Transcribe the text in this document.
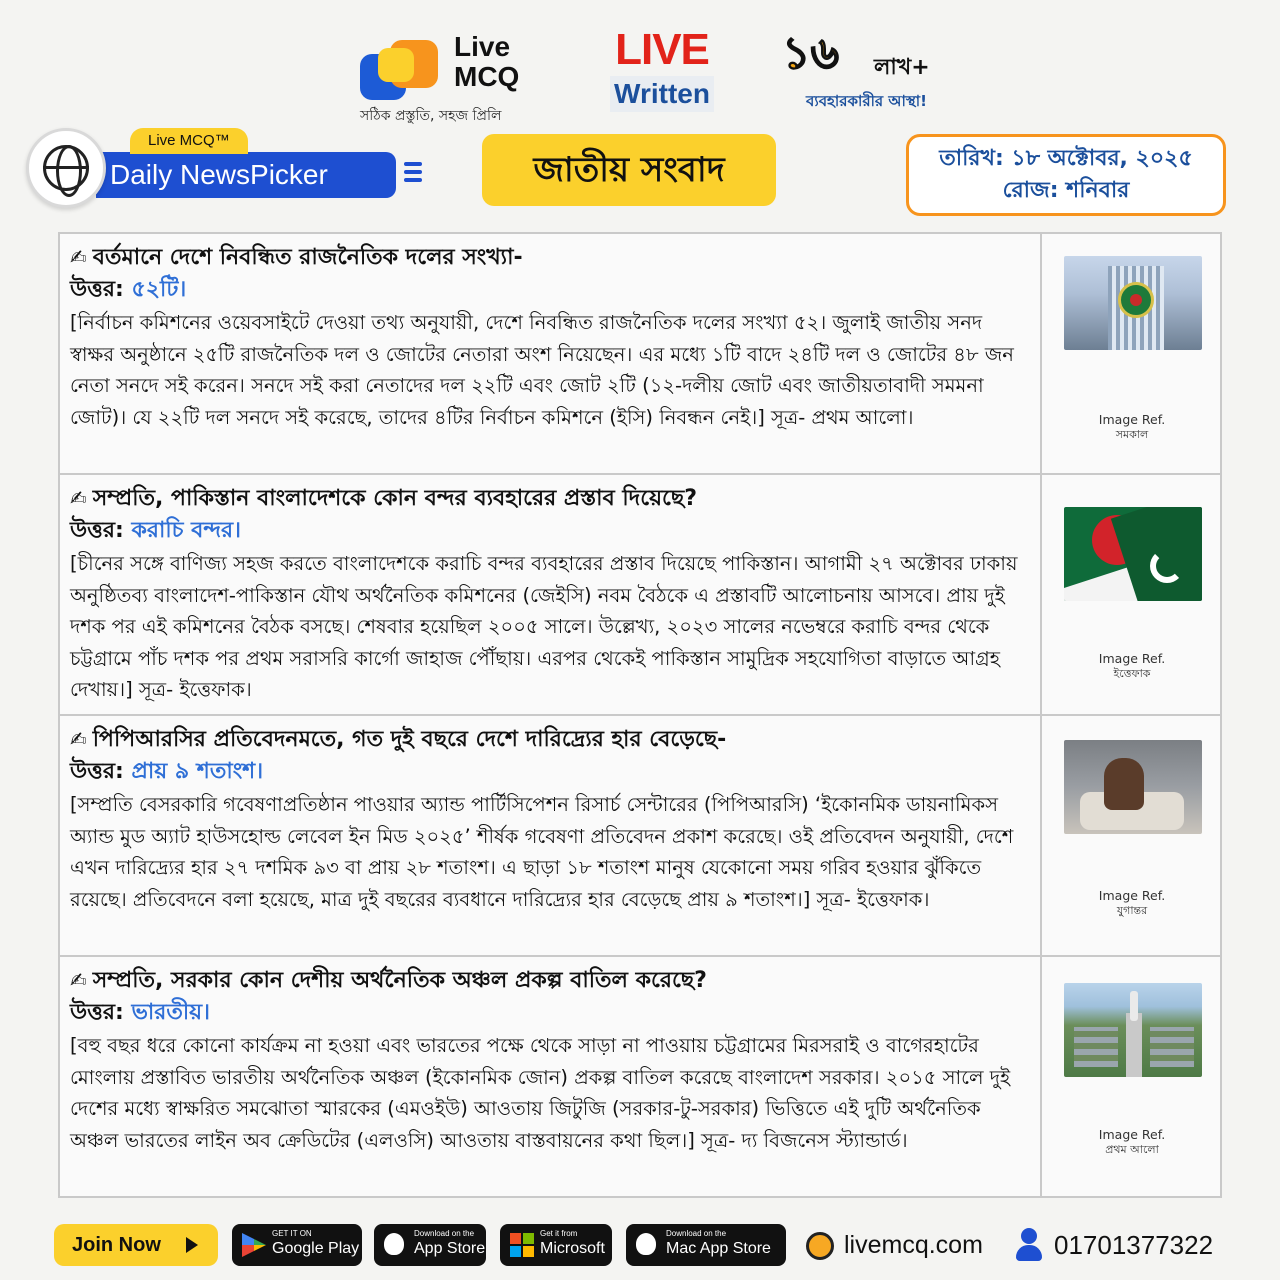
Live
MCQ
সঠিক প্রস্তুতি, সহজ প্রিলি
LIVE
Written
১৬ লাখ+
ব্যবহারকারীর আস্থা!
Daily NewsPicker
Live MCQ™
জাতীয় সংবাদ	তারিখ: ১৮ অক্টোবর, ২০২৫
রোজ: শনিবার
✍ বর্তমানে দেশে নিবন্ধিত রাজনৈতিক দলের সংখ্যা-
উত্তর: ৫২টি।
[নির্বাচন কমিশনের ওয়েবসাইটে দেওয়া তথ্য অনুযায়ী, দেশে নিবন্ধিত রাজনৈতিক দলের সংখ্যা ৫২। জুলাই জাতীয় সনদ স্বাক্ষর অনুষ্ঠানে ২৫টি রাজনৈতিক দল ও জোটের নেতারা অংশ নিয়েছেন। এর মধ্যে ১টি বাদে ২৪টি দল ও জোটের ৪৮ জন নেতা সনদে সই করেন। সনদে সই করা নেতাদের দল ২২টি এবং জোট ২টি (১২-দলীয় জোট এবং জাতীয়তাবাদী সমমনা জোট)। যে ২২টি দল সনদে সই করেছে, তাদের ৪টির নির্বাচন কমিশনে (ইসি) নিবন্ধন নেই।] সূত্র- প্রথম আলো।	Image Ref.
সমকাল
✍ সম্প্রতি, পাকিস্তান বাংলাদেশকে কোন বন্দর ব্যবহারের প্রস্তাব দিয়েছে?
উত্তর: করাচি বন্দর।
[চীনের সঙ্গে বাণিজ্য সহজ করতে বাংলাদেশকে করাচি বন্দর ব্যবহারের প্রস্তাব দিয়েছে পাকিস্তান। আগামী ২৭ অক্টোবর ঢাকায় অনুষ্ঠিতব্য বাংলাদেশ-পাকিস্তান যৌথ অর্থনৈতিক কমিশনের (জেইসি) নবম বৈঠকে এ প্রস্তাবটি আলোচনায় আসবে। প্রায় দুই দশক পর এই কমিশনের বৈঠক বসছে। শেষবার হয়েছিল ২০০৫ সালে। উল্লেখ্য, ২০২৩ সালের নভেম্বরে করাচি বন্দর থেকে চট্টগ্রামে পাঁচ দশক পর প্রথম সরাসরি কার্গো জাহাজ পৌঁছায়। এরপর থেকেই পাকিস্তান সামুদ্রিক সহযোগিতা বাড়াতে আগ্রহ দেখায়।] সূত্র- ইত্তেফাক।
Image Ref.
ইত্তেফাক
✍ পিপিআরসির প্রতিবেদনমতে, গত দুই বছরে দেশে দারিদ্র্যের হার বেড়েছে-
উত্তর: প্রায় ৯ শতাংশ।
[সম্প্রতি বেসরকারি গবেষণাপ্রতিষ্ঠান পাওয়ার অ্যান্ড পার্টিসিপেশন রিসার্চ সেন্টারের (পিপিআরসি) ‘ইকোনমিক ডায়নামিকস অ্যান্ড মুড অ্যাট হাউসহোল্ড লেবেল ইন মিড ২০২৫’ শীর্ষক গবেষণা প্রতিবেদন প্রকাশ করেছে। ওই প্রতিবেদন অনুযায়ী, দেশে এখন দারিদ্র্যের হার ২৭ দশমিক ৯৩ বা প্রায় ২৮ শতাংশ। এ ছাড়া ১৮ শতাংশ মানুষ যেকোনো সময় গরিব হওয়ার ঝুঁকিতে রয়েছে। প্রতিবেদনে বলা হয়েছে, মাত্র দুই বছরের ব্যবধানে দারিদ্র্যের হার বেড়েছে প্রায় ৯ শতাংশ।] সূত্র- ইত্তেফাক।	Image Ref.
যুগান্তর
✍ সম্প্রতি, সরকার কোন দেশীয় অর্থনৈতিক অঞ্চল প্রকল্প বাতিল করেছে?
উত্তর: ভারতীয়।
[বহু বছর ধরে কোনো কার্যক্রম না হওয়া এবং ভারতের পক্ষে থেকে সাড়া না পাওয়ায় চট্টগ্রামের মিরসরাই ও বাগেরহাটের মোংলায় প্রস্তাবিত ভারতীয় অর্থনৈতিক অঞ্চল (ইকোনমিক জোন) প্রকল্প বাতিল করেছে বাংলাদেশ সরকার। ২০১৫ সালে দুই দেশের মধ্যে স্বাক্ষরিত সমঝোতা স্মারকের (এমওইউ) আওতায় জিটুজি (সরকার-টু-সরকার) ভিত্তিতে এই দুটি অর্থনৈতিক অঞ্চল ভারতের লাইন অব ক্রেডিটের (এলওসি) আওতায় বাস্তবায়নের কথা ছিল।] সূত্র- দ্য বিজনেস স্ট্যান্ডার্ড।	Image Ref.
প্রথম আলো
Join Now
GET IT ON
Google Play
Download on the
App Store
Get it from
Microsoft
Download on the
Mac App Store	livemcq.com	01701377322
